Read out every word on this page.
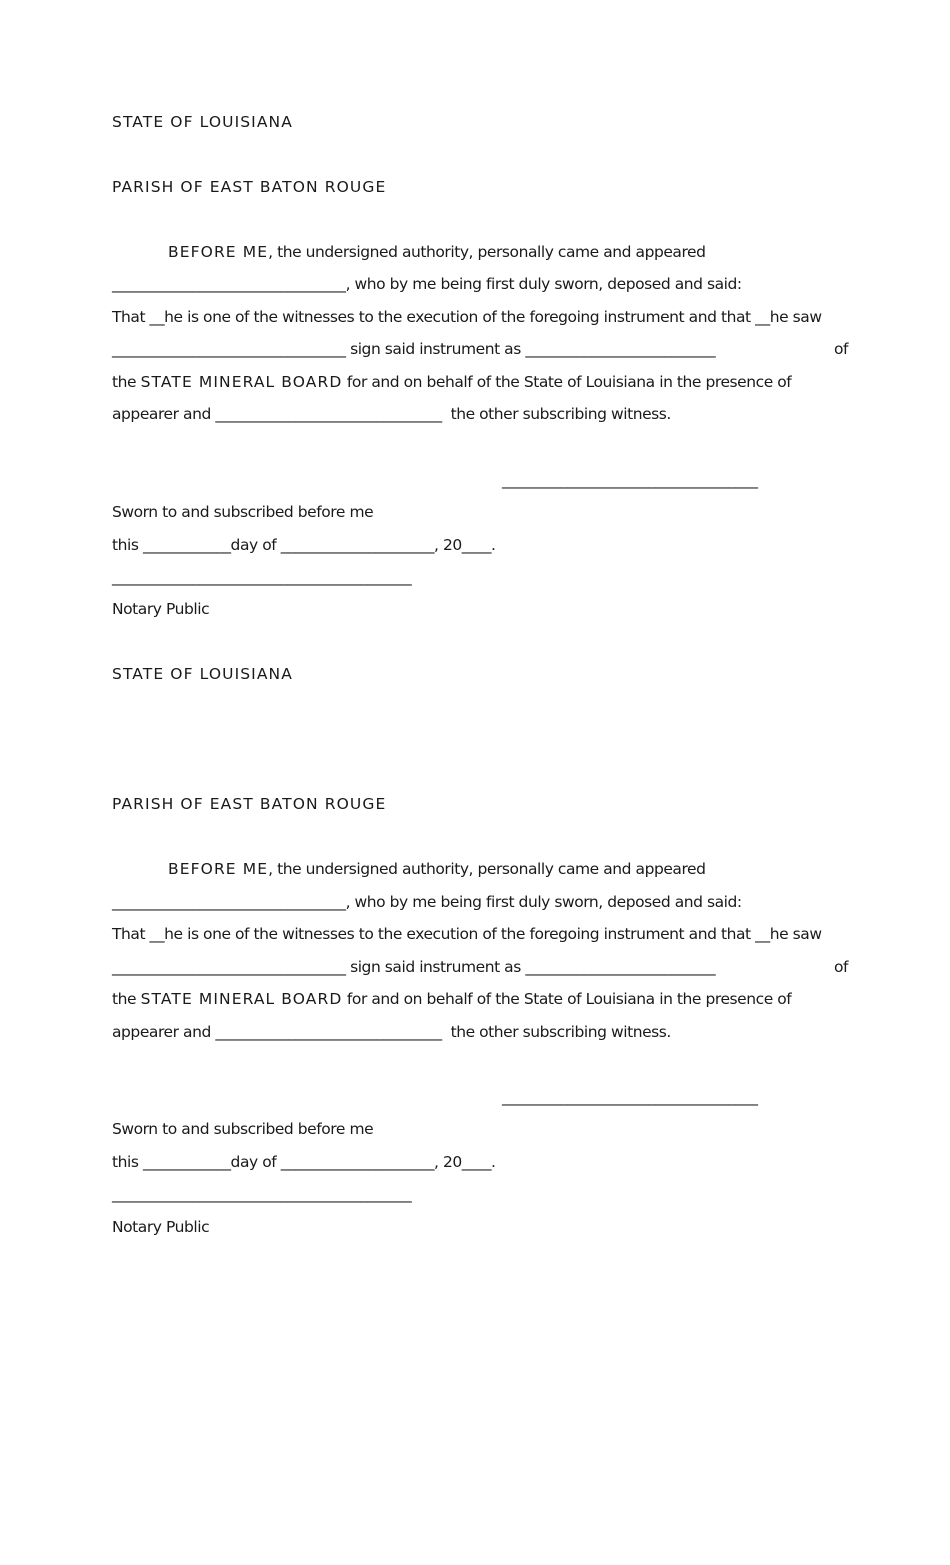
STATE OF LOUISIANA
PARISH OF EAST BATON ROUGE
BEFORE ME, the undersigned authority, personally came and appeared
________________________________, who by me being first duly sworn, deposed and said:
That __he is one of the witnesses to the execution of the foregoing instrument and that __he saw
________________________________ sign said instrument as __________________________	of
the STATE MINERAL BOARD for and on behalf of the State of Louisiana in the presence of
appearer and _______________________________  the other subscribing witness.
___________________________________
Sworn to and subscribed before me
this ____________day of _____________________, 20____.
_________________________________________
Notary Public
STATE OF LOUISIANA
PARISH OF EAST BATON ROUGE
BEFORE ME, the undersigned authority, personally came and appeared
________________________________, who by me being first duly sworn, deposed and said:
That __he is one of the witnesses to the execution of the foregoing instrument and that __he saw
________________________________ sign said instrument as __________________________	of
the STATE MINERAL BOARD for and on behalf of the State of Louisiana in the presence of
appearer and _______________________________  the other subscribing witness.
___________________________________
Sworn to and subscribed before me
this ____________day of _____________________, 20____.
_________________________________________
Notary Public
